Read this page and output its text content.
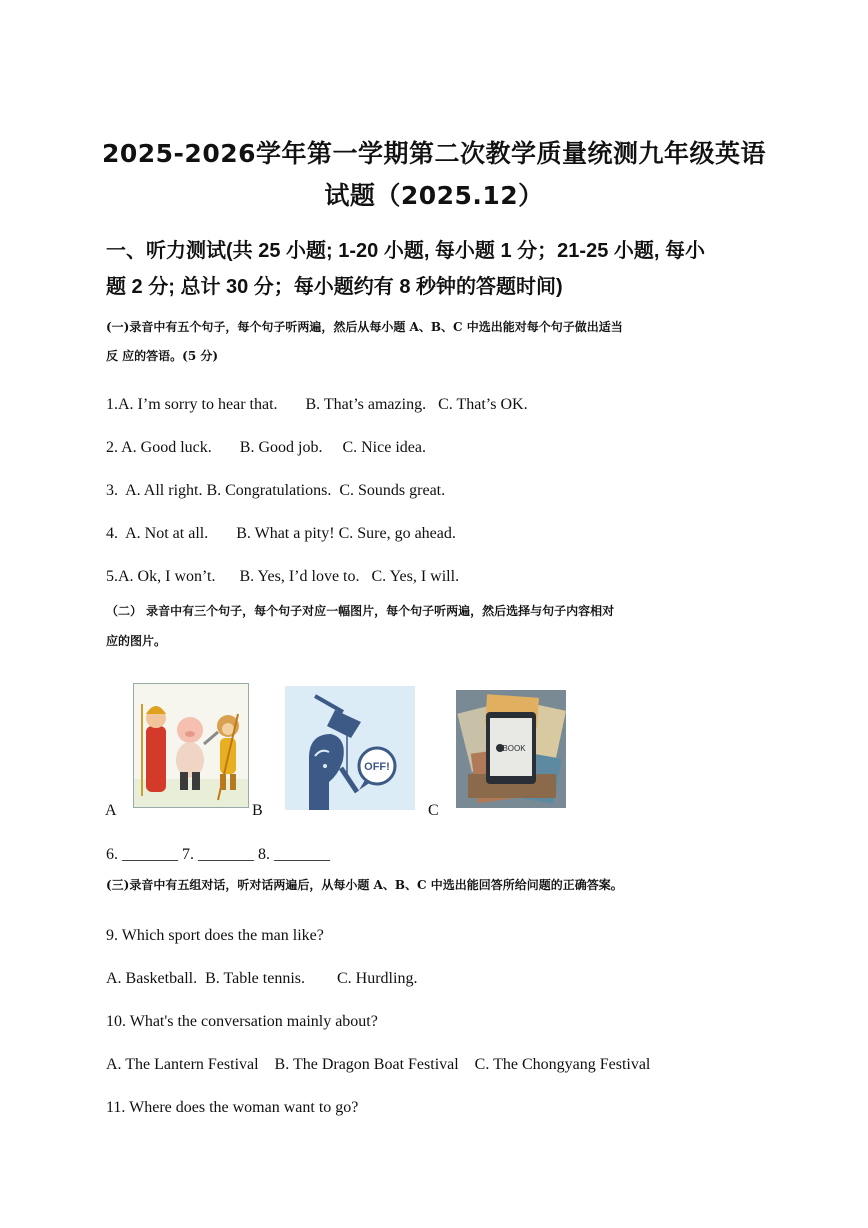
2025-2026学年第一学期第二次教学质量统测九年级英语
试题（2025.12）
一、听力测试(共 25 小题; 1-20 小题, 每小题 1 分；21-25 小题, 每小
题 2 分; 总计 30 分；每小题约有 8 秒钟的答题时间)
(一)录音中有五个句子，每个句子听两遍，然后从每小题 A、B、C 中选出能对每个句子做出适当
反 应的答语。(5 分)
1.A. I’m sorry to hear that.       B. That’s amazing.   C. That’s OK.
2. A. Good luck.       B. Good job.     C. Nice idea.
3.  A. All right. B. Congratulations.  C. Sounds great.
4.  A. Not at all.       B. What a pity! C. Sure, go ahead.
5.A. Ok, I won’t.      B. Yes, I’d love to.   C. Yes, I will.
（二） 录音中有三个句子，每个句子对应一幅图片，每个句子听两遍，然后选择与句子内容相对
应的图片。
A
OFF!
B
BOOK
C
6. _______ 7. _______ 8. _______
(三)录音中有五组对话，听对话两遍后，从每小题 A、B、C 中选出能回答所给问题的正确答案。
9. Which sport does the man like?
A. Basketball.  B. Table tennis.        C. Hurdling.
10. What's the conversation mainly about?
A. The Lantern Festival    B. The Dragon Boat Festival    C. The Chongyang Festival
11. Where does the woman want to go?
